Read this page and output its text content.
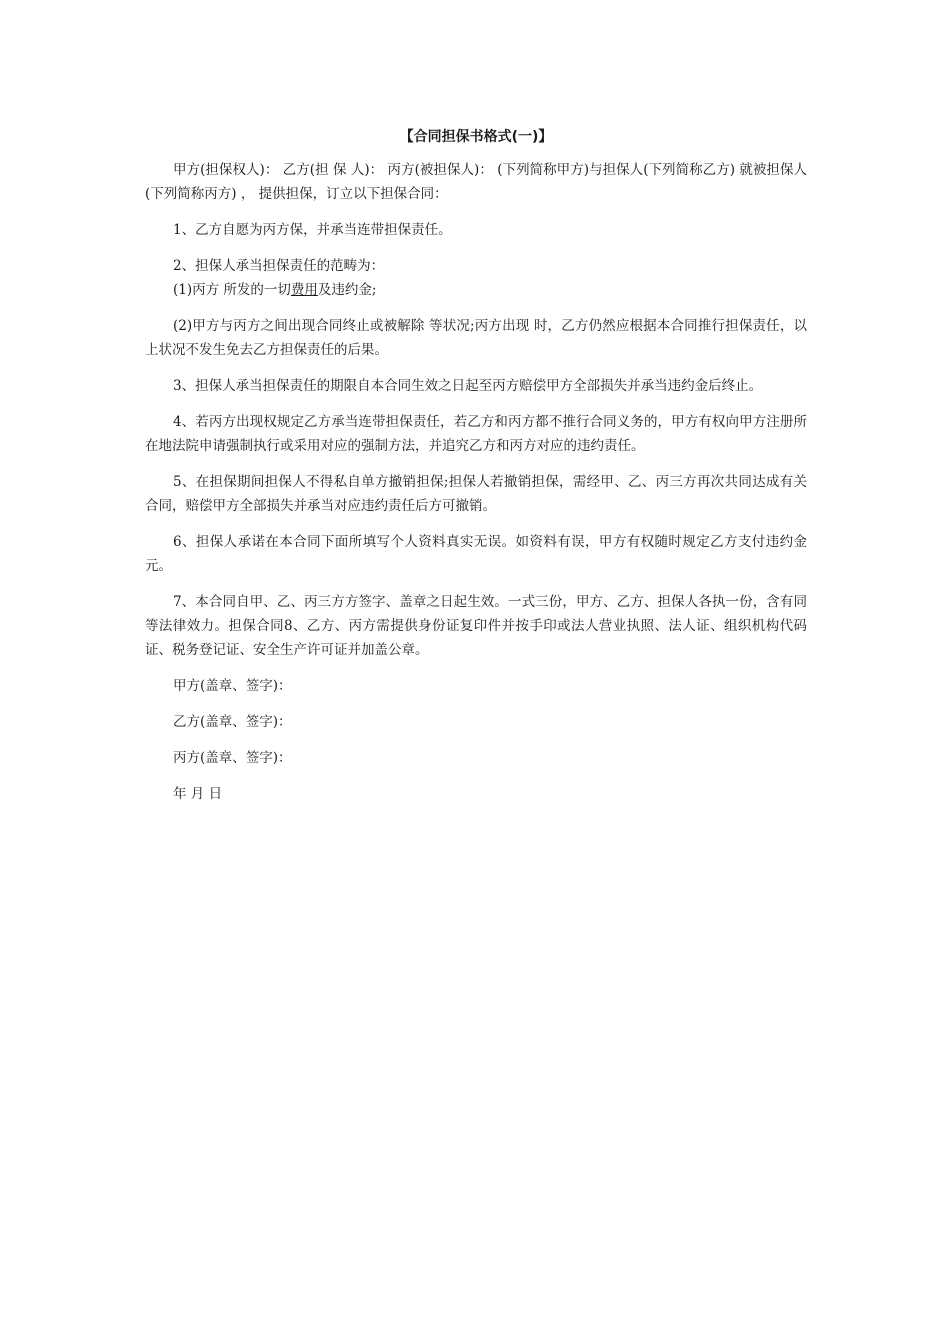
【合同担保书格式(一)】

甲方(担保权人)： 乙方(担 保 人)： 丙方(被担保人)： (下列简称甲方)与担保人(下列简称乙方) 就被担保人(下列简称丙方) ， 提供担保，订立以下担保合同：

1、乙方自愿为丙方保，并承当连带担保责任。

2、担保人承当担保责任的范畴为：

(1)丙方 所发的一切费用及违约金;

(2)甲方与丙方之间出现合同终止或被解除 等状况;丙方出现 时，乙方仍然应根据本合同推行担保责任，以上状况不发生免去乙方担保责任的后果。

3、担保人承当担保责任的期限自本合同生效之日起至丙方赔偿甲方全部损失并承当违约金后终止。

4、若丙方出现权规定乙方承当连带担保责任，若乙方和丙方都不推行合同义务的，甲方有权向甲方注册所在地法院申请强制执行或采用对应的强制方法，并追究乙方和丙方对应的违约责任。

5、在担保期间担保人不得私自单方撤销担保;担保人若撤销担保，需经甲、乙、丙三方再次共同达成有关合同，赔偿甲方全部损失并承当对应违约责任后方可撤销。

6、担保人承诺在本合同下面所填写个人资料真实无误。如资料有误，甲方有权随时规定乙方支付违约金 元。

7、本合同自甲、乙、丙三方方签字、盖章之日起生效。一式三份，甲方、乙方、担保人各执一份，含有同等法律效力。担保合同8、乙方、丙方需提供身份证复印件并按手印或法人营业执照、法人证、组织机构代码证、税务登记证、安全生产许可证并加盖公章。

甲方(盖章、签字)：

乙方(盖章、签字)：

丙方(盖章、签字)：

年 月 日
